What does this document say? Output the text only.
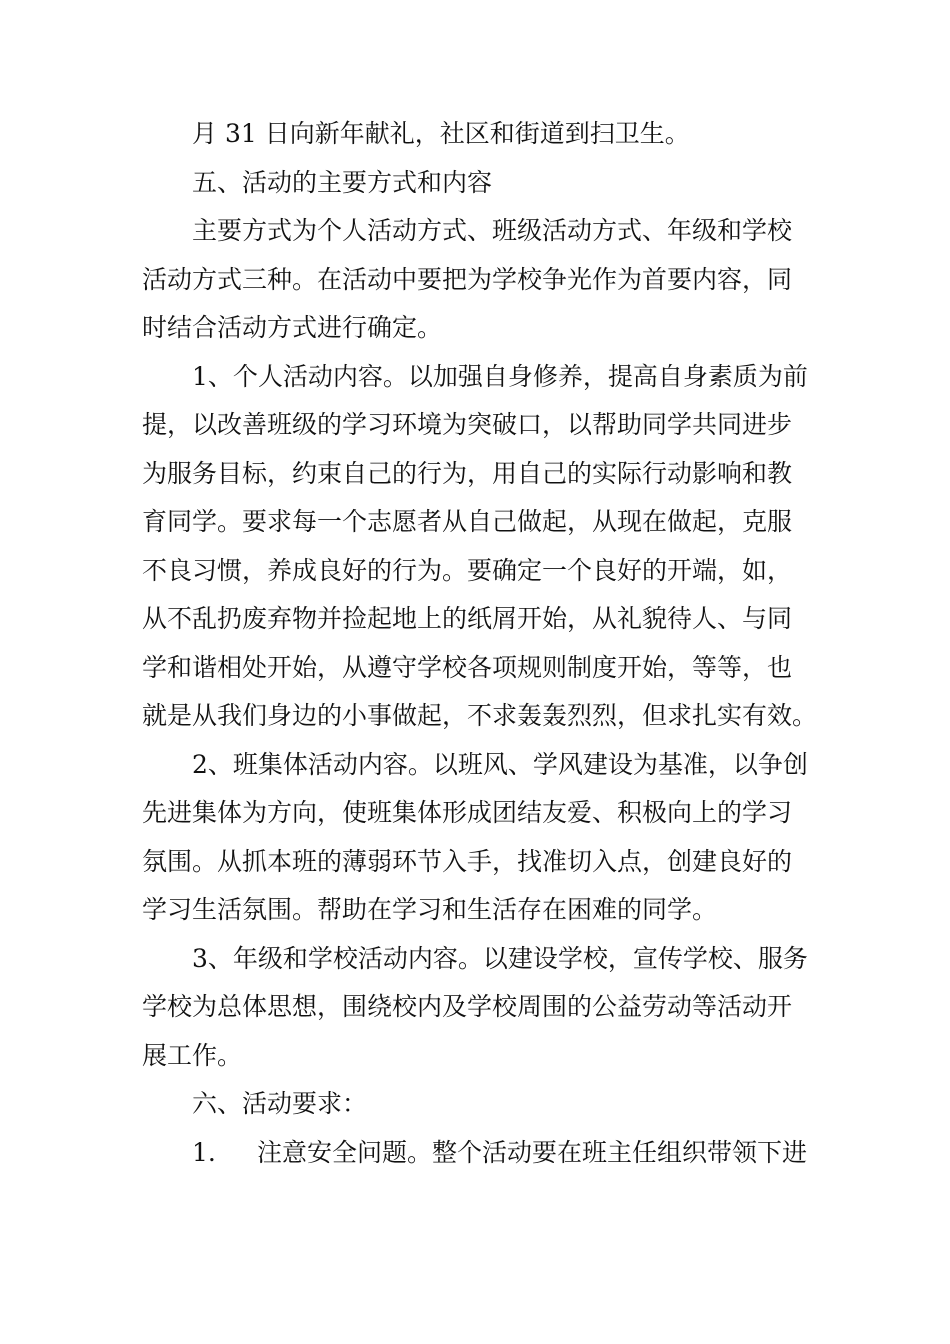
月 31 日向新年献礼，社区和街道到扫卫生。
五、活动的主要方式和内容
主要方式为个人活动方式、班级活动方式、年级和学校
活动方式三种。在活动中要把为学校争光作为首要内容，同
时结合活动方式进行确定。
1、个人活动内容。以加强自身修养，提高自身素质为前
提，以改善班级的学习环境为突破口，以帮助同学共同进步
为服务目标，约束自己的行为，用自己的实际行动影响和教
育同学。要求每一个志愿者从自己做起，从现在做起，克服
不良习惯，养成良好的行为。要确定一个良好的开端，如，
从不乱扔废弃物并捡起地上的纸屑开始，从礼貌待人、与同
学和谐相处开始，从遵守学校各项规则制度开始，等等，也
就是从我们身边的小事做起，不求轰轰烈烈，但求扎实有效。
2、班集体活动内容。以班风、学风建设为基准，以争创
先进集体为方向，使班集体形成团结友爱、积极向上的学习
氛围。从抓本班的薄弱环节入手，找准切入点，创建良好的
学习生活氛围。帮助在学习和生活存在困难的同学。
3、年级和学校活动内容。以建设学校，宣传学校、服务
学校为总体思想，围绕校内及学校周围的公益劳动等活动开
展工作。
六、活动要求：
1. 注意安全问题。整个活动要在班主任组织带领下进
